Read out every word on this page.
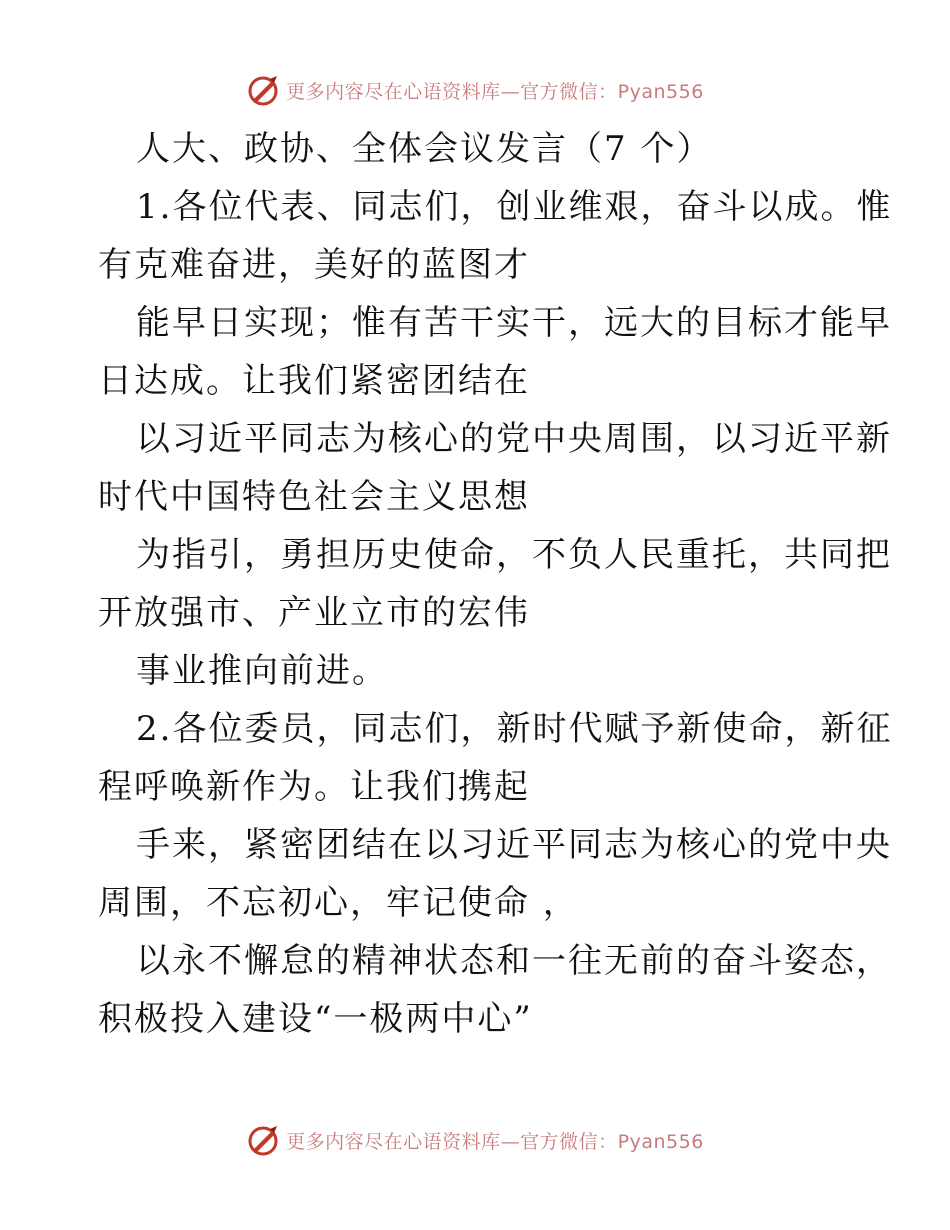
更多内容尽在心语资料库—官方微信：Pyan556
人大、政协、全体会议发言（7 个）
1.各位代表、同志们，创业维艰，奋斗以成。惟
有克难奋进，美好的蓝图才
能早日实现；惟有苦干实干，远大的目标才能早
日达成。让我们紧密团结在
以习近平同志为核心的党中央周围，以习近平新
时代中国特色社会主义思想
为指引，勇担历史使命，不负人民重托，共同把
开放强市、产业立市的宏伟
事业推向前进。
2.各位委员，同志们，新时代赋予新使命，新征
程呼唤新作为。让我们携起
手来，紧密团结在以习近平同志为核心的党中央
周围，不忘初心，牢记使命 ，
以永不懈怠的精神状态和一往无前的奋斗姿态，
积极投入建设“一极两中心”
更多内容尽在心语资料库—官方微信：Pyan556
